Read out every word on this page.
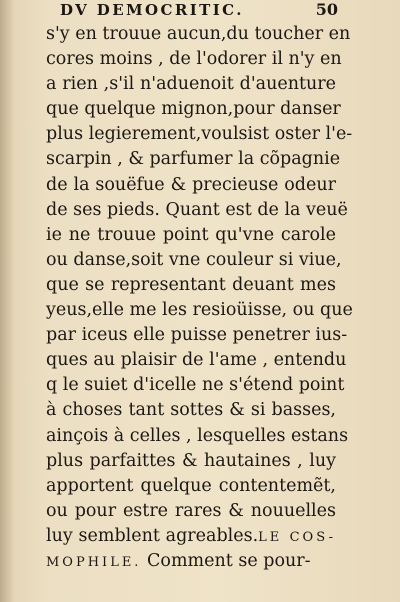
DV DEMOCRITIC.	50
s'y en trouue aucun,du toucher en
cores moins , de l'odorer il n'y en
a rien ,s'il n'aduenoit d'auenture
que quelque mignon,pour danser
plus legierement,voulsist oster l'e-
scarpin , & parfumer la cõpagnie
de la souëfue & precieuse odeur
de ses pieds. Quant est de la veuë
ie ne trouue point qu'vne carole
ou danse,soit vne couleur si viue,
que se representant deuant mes
yeus,elle me les resioüisse, ou que
par iceus elle puisse penetrer ius-
ques au plaisir de l'ame , entendu
q le suiet d'icelle ne s'étend point
à choses tant sottes & si basses,
ainçois à celles , lesquelles estans
plus parfaittes & hautaines , luy
apportent quelque contentemẽt,
ou pour estre rares & nouuelles
luy semblent agreables.LE COS-
MOPHILE. Comment se pour-
